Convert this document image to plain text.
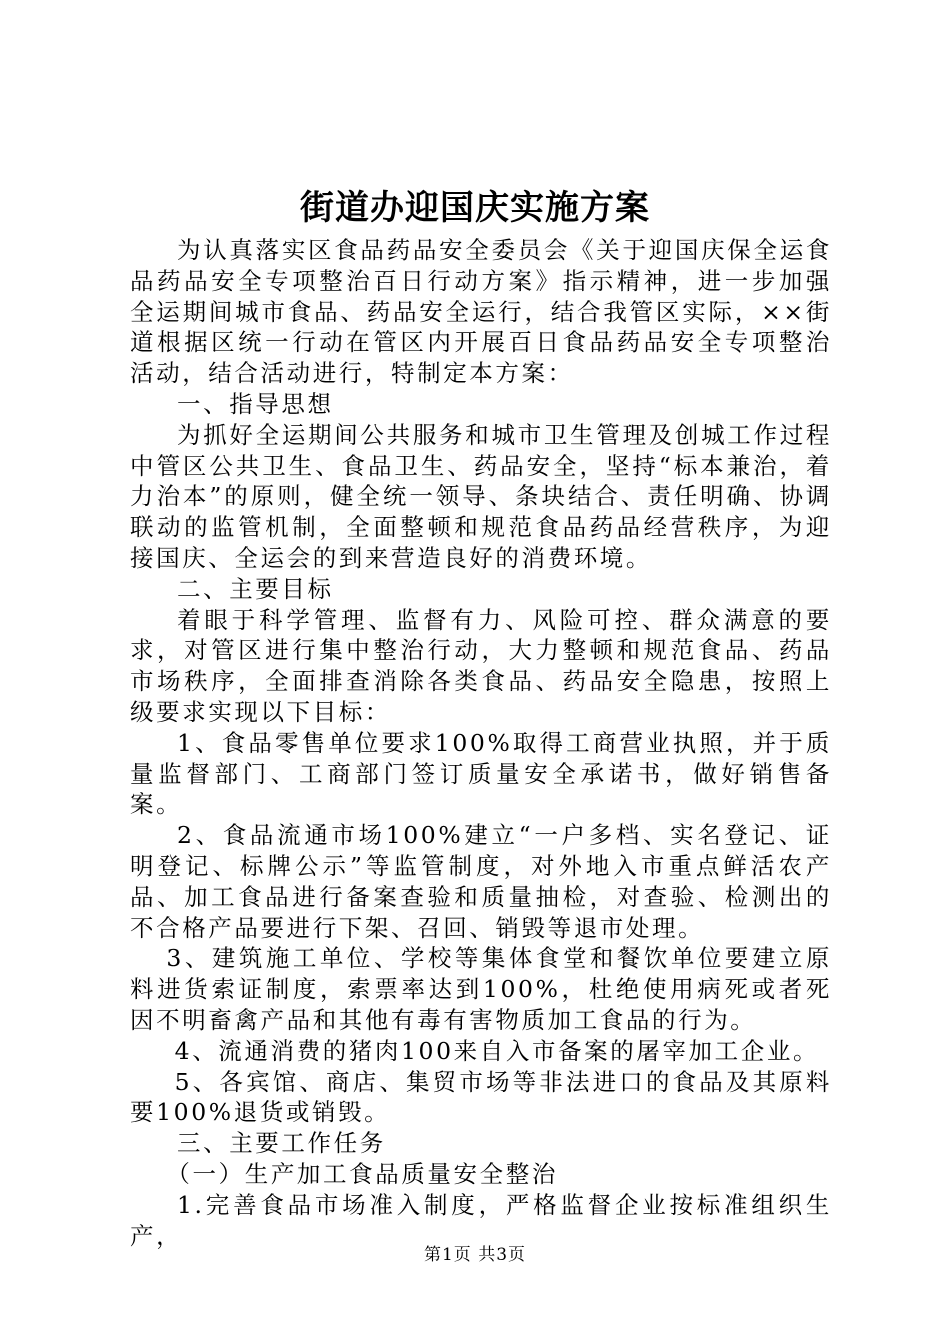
街道办迎国庆实施方案

为认真落实区食品药品安全委员会《关于迎国庆保全运食品药品安全专项整治百日行动方案》指示精神，进一步加强全运期间城市食品、药品安全运行，结合我管区实际，××街道根据区统一行动在管区内开展百日食品药品安全专项整治活动，结合活动进行，特制定本方案：

一、指导思想

为抓好全运期间公共服务和城市卫生管理及创城工作过程中管区公共卫生、食品卫生、药品安全，坚持“标本兼治，着力治本”的原则，健全统一领导、条块结合、责任明确、协调联动的监管机制，全面整顿和规范食品药品经营秩序，为迎接国庆、全运会的到来营造良好的消费环境。

二、主要目标

着眼于科学管理、监督有力、风险可控、群众满意的要求，对管区进行集中整治行动，大力整顿和规范食品、药品市场秩序，全面排查消除各类食品、药品安全隐患，按照上级要求实现以下目标：

1、食品零售单位要求100%取得工商营业执照，并于质量监督部门、工商部门签订质量安全承诺书，做好销售备案。

2、食品流通市场100%建立“一户多档、实名登记、证明登记、标牌公示”等监管制度，对外地入市重点鲜活农产品、加工食品进行备案查验和质量抽检，对查验、检测出的不合格产品要进行下架、召回、销毁等退市处理。

3、建筑施工单位、学校等集体食堂和餐饮单位要建立原料进货索证制度，索票率达到100%，杜绝使用病死或者死因不明畜禽产品和其他有毒有害物质加工食品的行为。

4、流通消费的猪肉100来自入市备案的屠宰加工企业。

5、各宾馆、商店、集贸市场等非法进口的食品及其原料要100%退货或销毁。

三、主要工作任务

（一）生产加工食品质量安全整治

1.完善食品市场准入制度，严格监督企业按标准组织生产，

第1页 共3页
